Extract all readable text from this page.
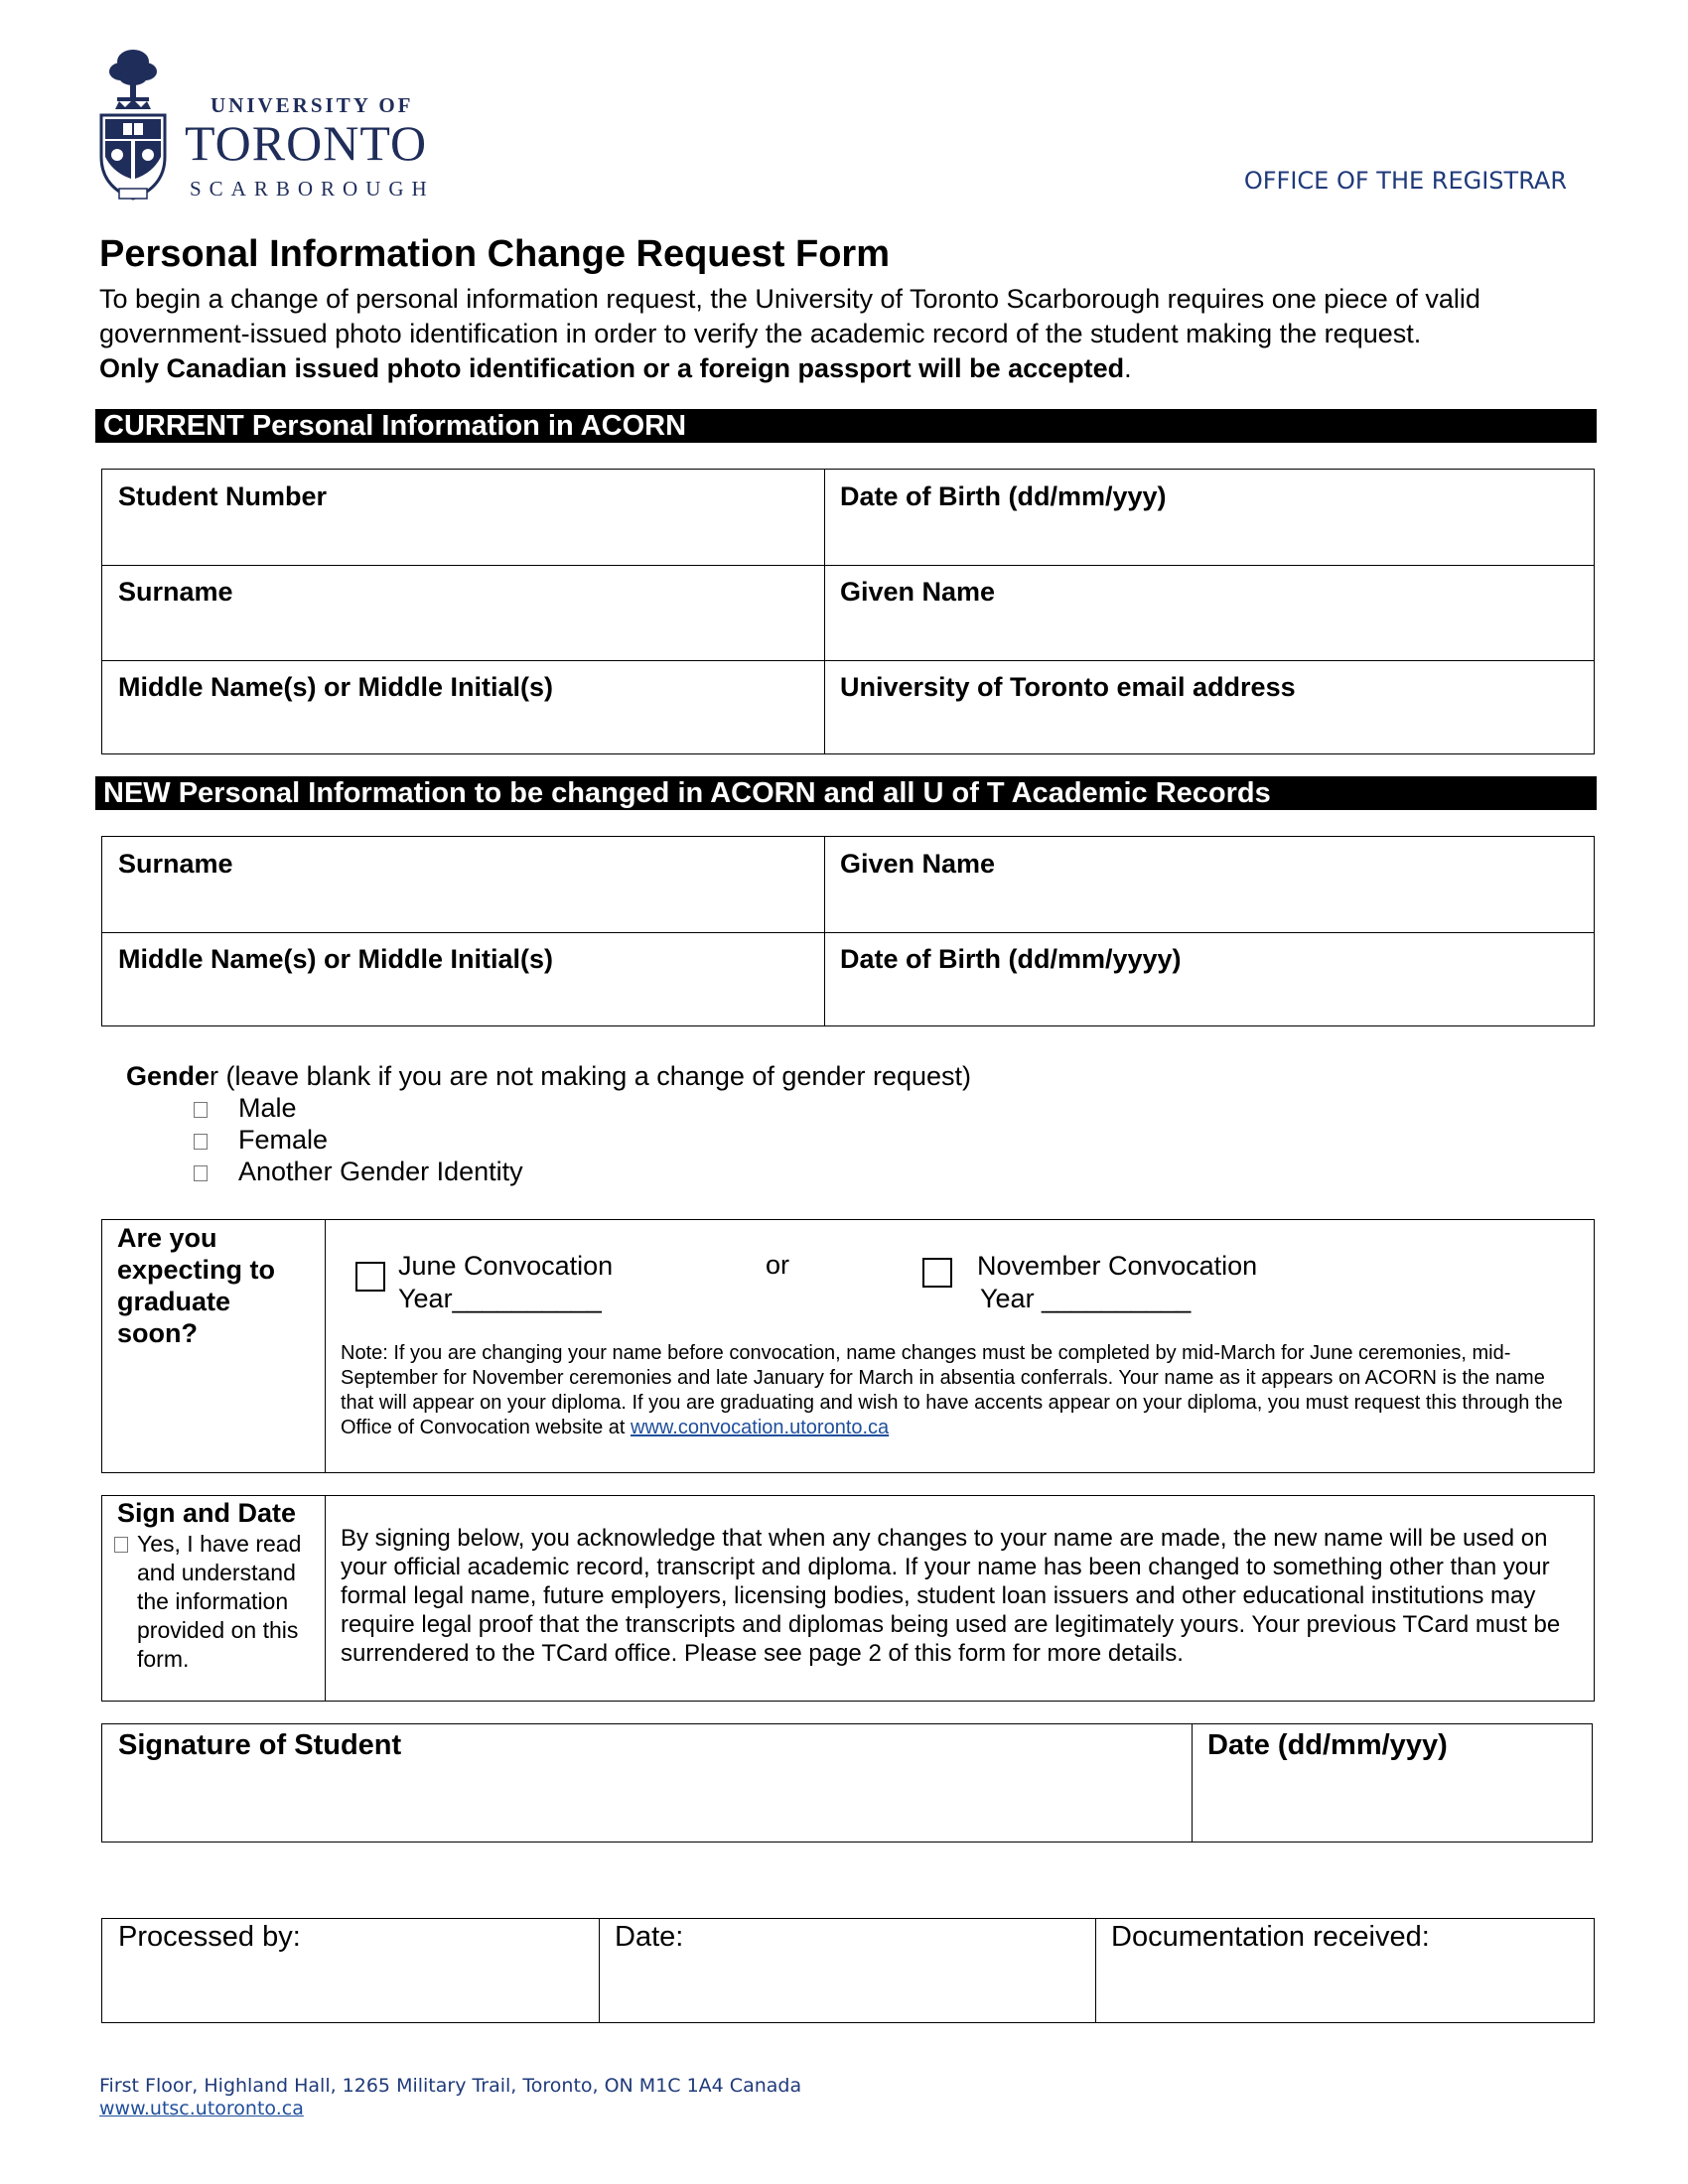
UNIVERSITY OF
TORONTO
SCARBOROUGH	OFFICE OF THE REGISTRAR
Personal Information Change Request Form
To begin a change of personal information request, the University of Toronto Scarborough requires one piece of valid
government-issued photo identification in order to verify the academic record of the student making the request.
Only Canadian issued photo identification or a foreign passport will be accepted.
CURRENT Personal Information in ACORN
Student Number	Date of Birth (dd/mm/yyy)
Surname	Given Name
Middle Name(s) or Middle Initial(s)	University of Toronto email address
NEW Personal Information to be changed in ACORN and all U of T Academic Records
Surname	Given Name
Middle Name(s) or Middle Initial(s)	Date of Birth (dd/mm/yyyy)
Gender (leave blank if you are not making a change of gender request)
Male
Female
Another Gender Identity
Are you expecting to graduate soon?
June Convocation
Year__________
or	November Convocation
Year __________
Note: If you are changing your name before convocation, name changes must be completed by mid-March for June ceremonies, mid-September for November ceremonies and late January for March in absentia conferrals. Your name as it appears on ACORN is the name that will appear on your diploma. If you are graduating and wish to have accents appear on your diploma, you must request this through the Office of Convocation website at www.convocation.utoronto.ca
Sign and Date
Yes, I have read and understand the information provided on this form.
By signing below, you acknowledge that when any changes to your name are made, the new name will be used on your official academic record, transcript and diploma. If your name has been changed to something other than your formal legal name, future employers, licensing bodies, student loan issuers and other educational institutions may require legal proof that the transcripts and diplomas being used are legitimately yours. Your previous TCard must be surrendered to the TCard office. Please see page 2 of this form for more details.
Signature of Student	Date (dd/mm/yyy)
Processed by:	Date:	Documentation received:
First Floor, Highland Hall, 1265 Military Trail, Toronto, ON M1C 1A4 Canada
www.utsc.utoronto.ca
